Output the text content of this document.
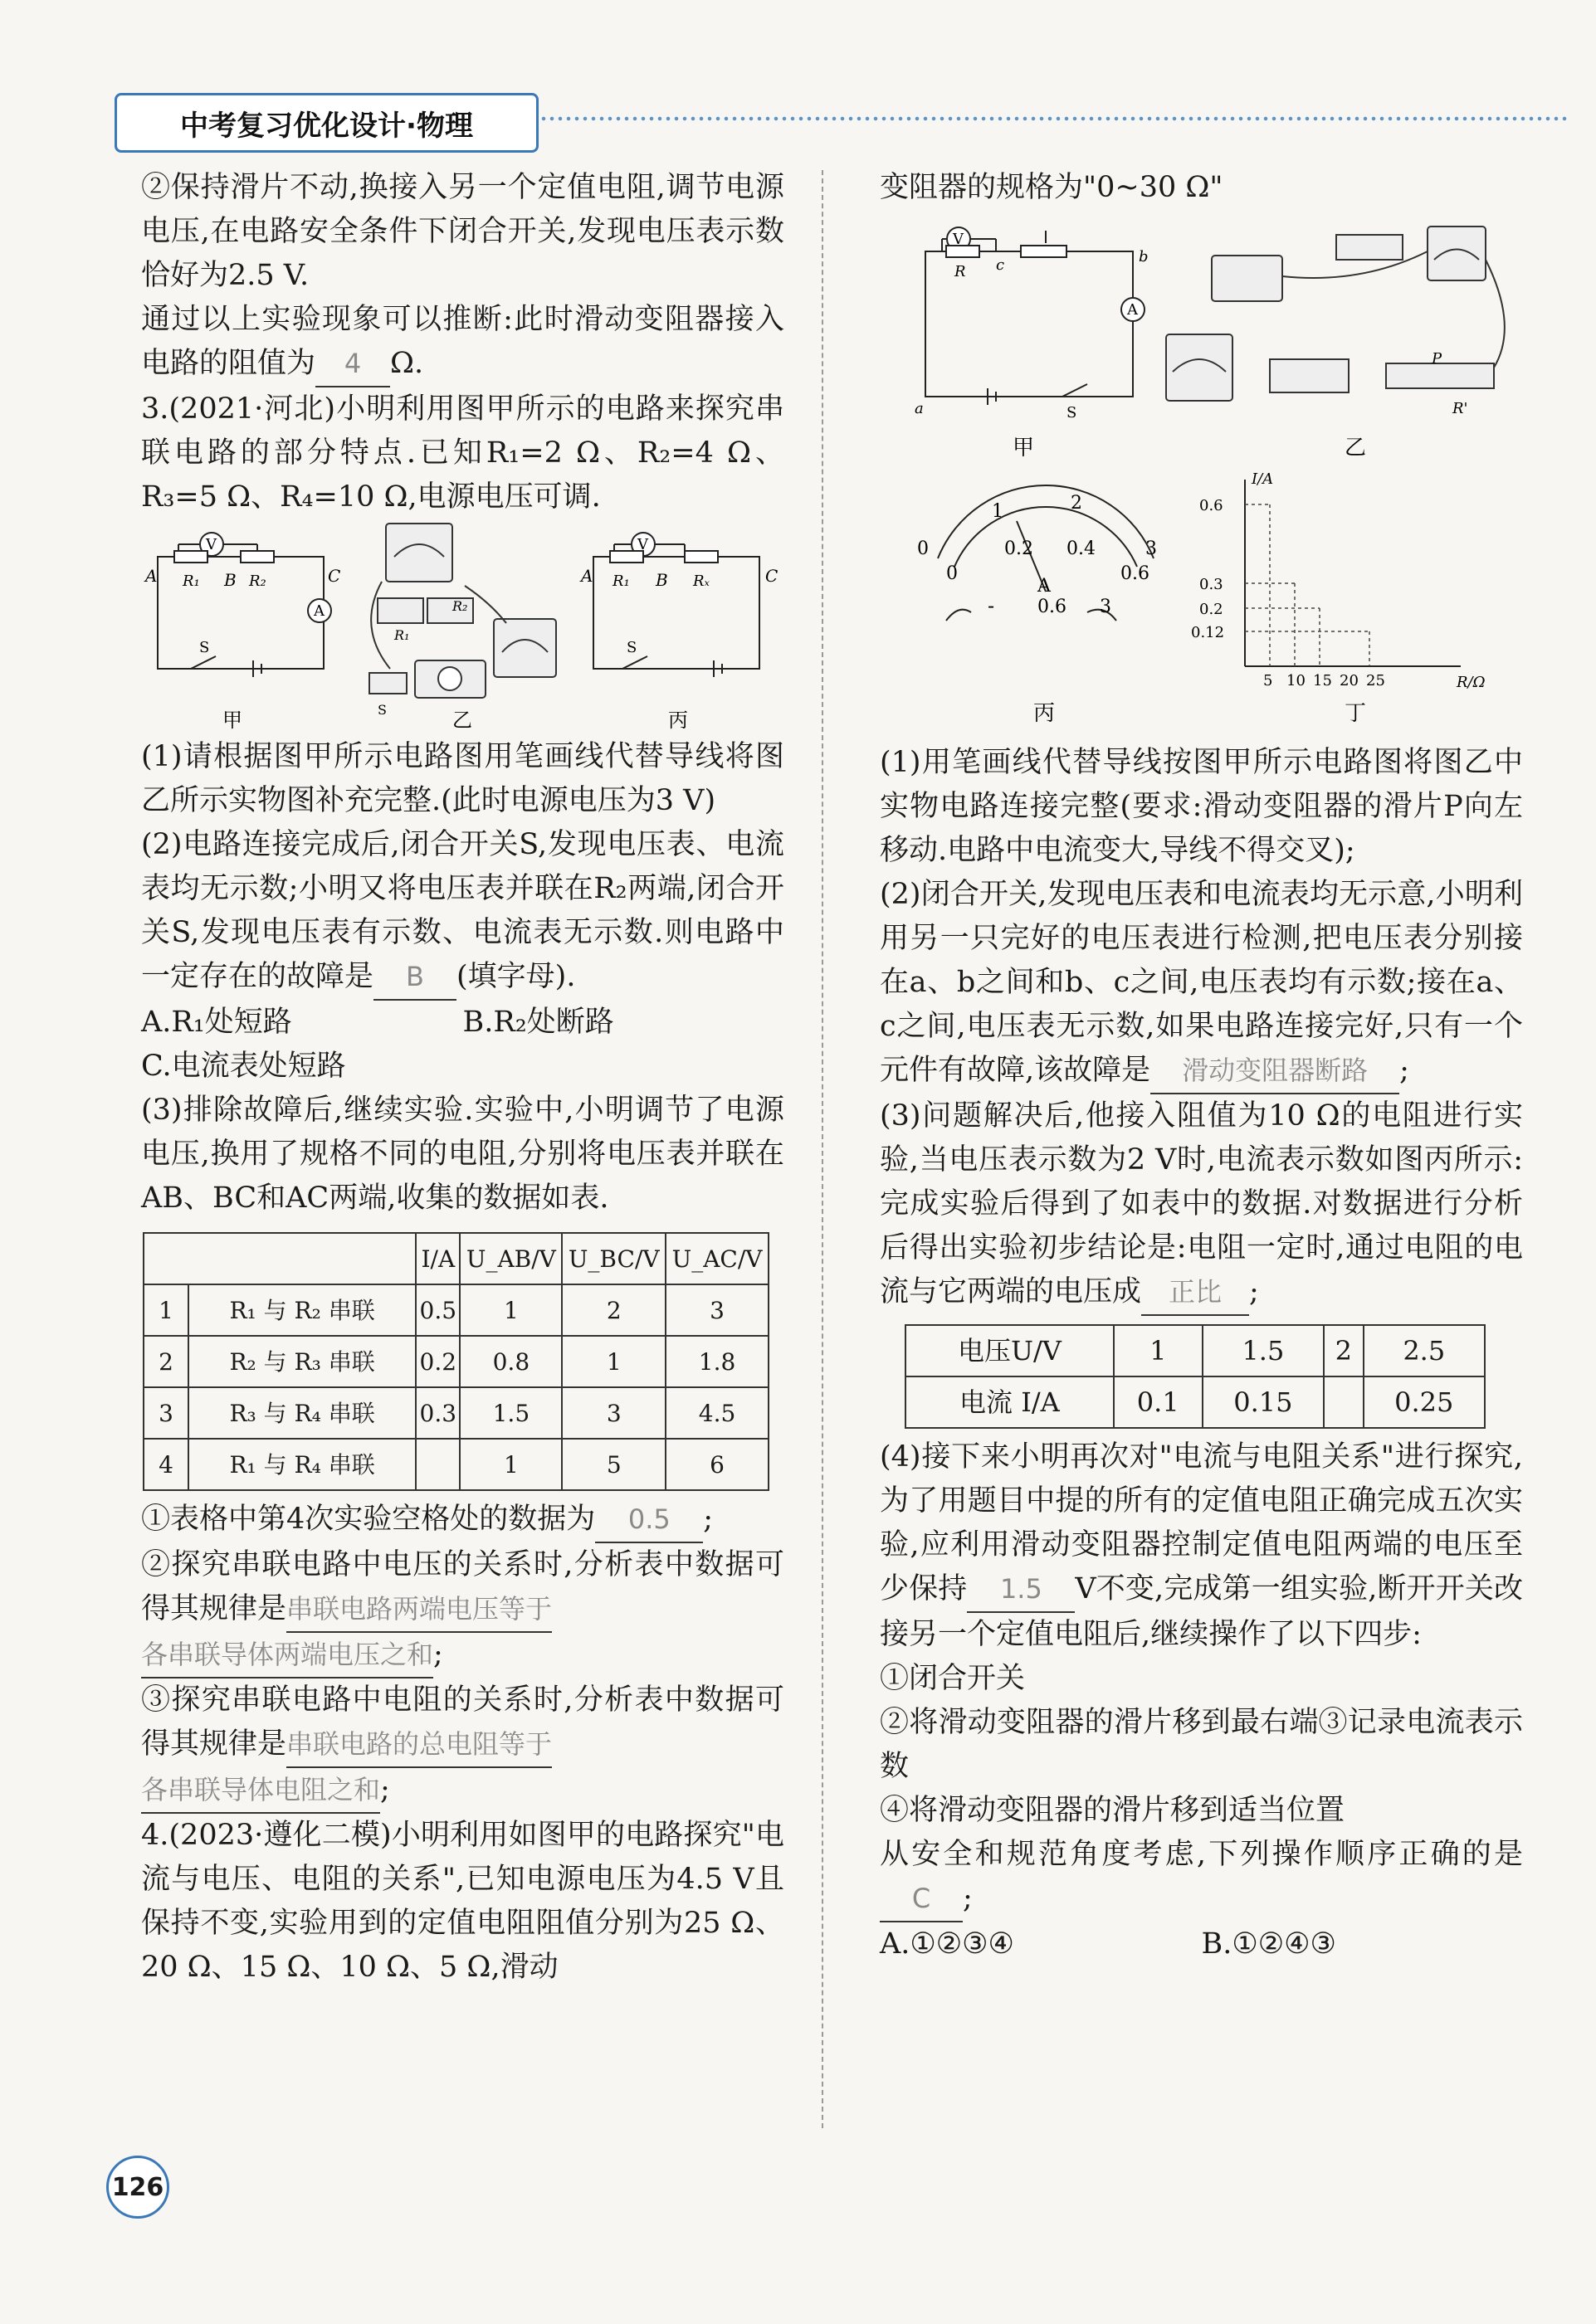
中考复习优化设计·物理

②保持滑片不动,换接入另一个定值电阻,调节电源电压,在电路安全条件下闭合开关,发现电压表示数恰好为2.5 V.

通过以上实验现象可以推断:此时滑动变阻器接入电路的阻值为 4 Ω.

3.(2021·河北)小明利用图甲所示的电路来探究串联电路的部分特点.已知R₁=2 Ω、R₂=4 Ω、R₃=5 Ω、R₄=10 Ω,电源电压可调.

V
A
A	B	C
R₁	R₂
S
甲
R₁
R₂
S	乙
V
A	B	C
R₁	Rₓ
S
丙

(1)请根据图甲所示电路图用笔画线代替导线将图乙所示实物图补充完整.(此时电源电压为3 V)

(2)电路连接完成后,闭合开关S,发现电压表、电流表均无示数;小明又将电压表并联在R₂两端,闭合开关S,发现电压表有示数、电流表无示数.则电路中一定存在的故障是 B (填字母).

A.R₁处短路	B.R₂处断路

C.电流表处短路

(3)排除故障后,继续实验.实验中,小明调节了电源电压,换用了规格不同的电阻,分别将电压表并联在AB、BC和AC两端,收集的数据如表.

		I/A	U_AB/V	U_BC/V	U_AC/V
1	R₁ 与 R₂ 串联	0.5	1	2	3
2	R₂ 与 R₃ 串联	0.2	0.8	1	1.8
3	R₃ 与 R₄ 串联	0.3	1.5	3	4.5
4	R₁ 与 R₄ 串联		1	5	6

①表格中第4次实验空格处的数据为 0.5 ;

②探究串联电路中电压的关系时,分析表中数据可得其规律是串联电路两端电压等于
各串联导体两端电压之和;

③探究串联电路中电阻的关系时,分析表中数据可得其规律是串联电路的总电阻等于
各串联导体电阻之和;

4.(2023·遵化二模)小明利用如图甲的电路探究"电流与电压、电阻的关系",已知电源电压为4.5 V且保持不变,实验用到的定值电阻阻值分别为25 Ω、20 Ω、15 Ω、10 Ω、5 Ω,滑动

变阻器的规格为"0~30 Ω"

V
A
R c	b
a	S
甲
P
R'
乙
0
1	2
3
0
0.2 0.4
0.6
A
- 0.6 3
丙
I/A
R/Ω
0.6
0.3
0.2
0.12
5 10 15 20 25
丁

(1)用笔画线代替导线按图甲所示电路图将图乙中实物电路连接完整(要求:滑动变阻器的滑片P向左移动.电路中电流变大,导线不得交叉);

(2)闭合开关,发现电压表和电流表均无示意,小明利用另一只完好的电压表进行检测,把电压表分别接在a、b之间和b、c之间,电压表均有示数;接在a、c之间,电压表无示数,如果电路连接完好,只有一个元件有故障,该故障是 滑动变阻器断路 ;

(3)问题解决后,他接入阻值为10 Ω的电阻进行实验,当电压表示数为2 V时,电流表示数如图丙所示:完成实验后得到了如表中的数据.对数据进行分析后得出实验初步结论是:电阻一定时,通过电阻的电流与它两端的电压成 正比 ;

电压U/V	1	1.5	2	2.5
电流 I/A	0.1	0.15		0.25

(4)接下来小明再次对"电流与电阻关系"进行探究,为了用题目中提的所有的定值电阻正确完成五次实验,应利用滑动变阻器控制定值电阻两端的电压至少保持 1.5 V不变,完成第一组实验,断开开关改接另一个定值电阻后,继续操作了以下四步:

①闭合开关

②将滑动变阻器的滑片移到最右端③记录电流表示数

④将滑动变阻器的滑片移到适当位置

从安全和规范角度考虑,下列操作顺序正确的是C ;

A.①②③④	B.①②④③
126
